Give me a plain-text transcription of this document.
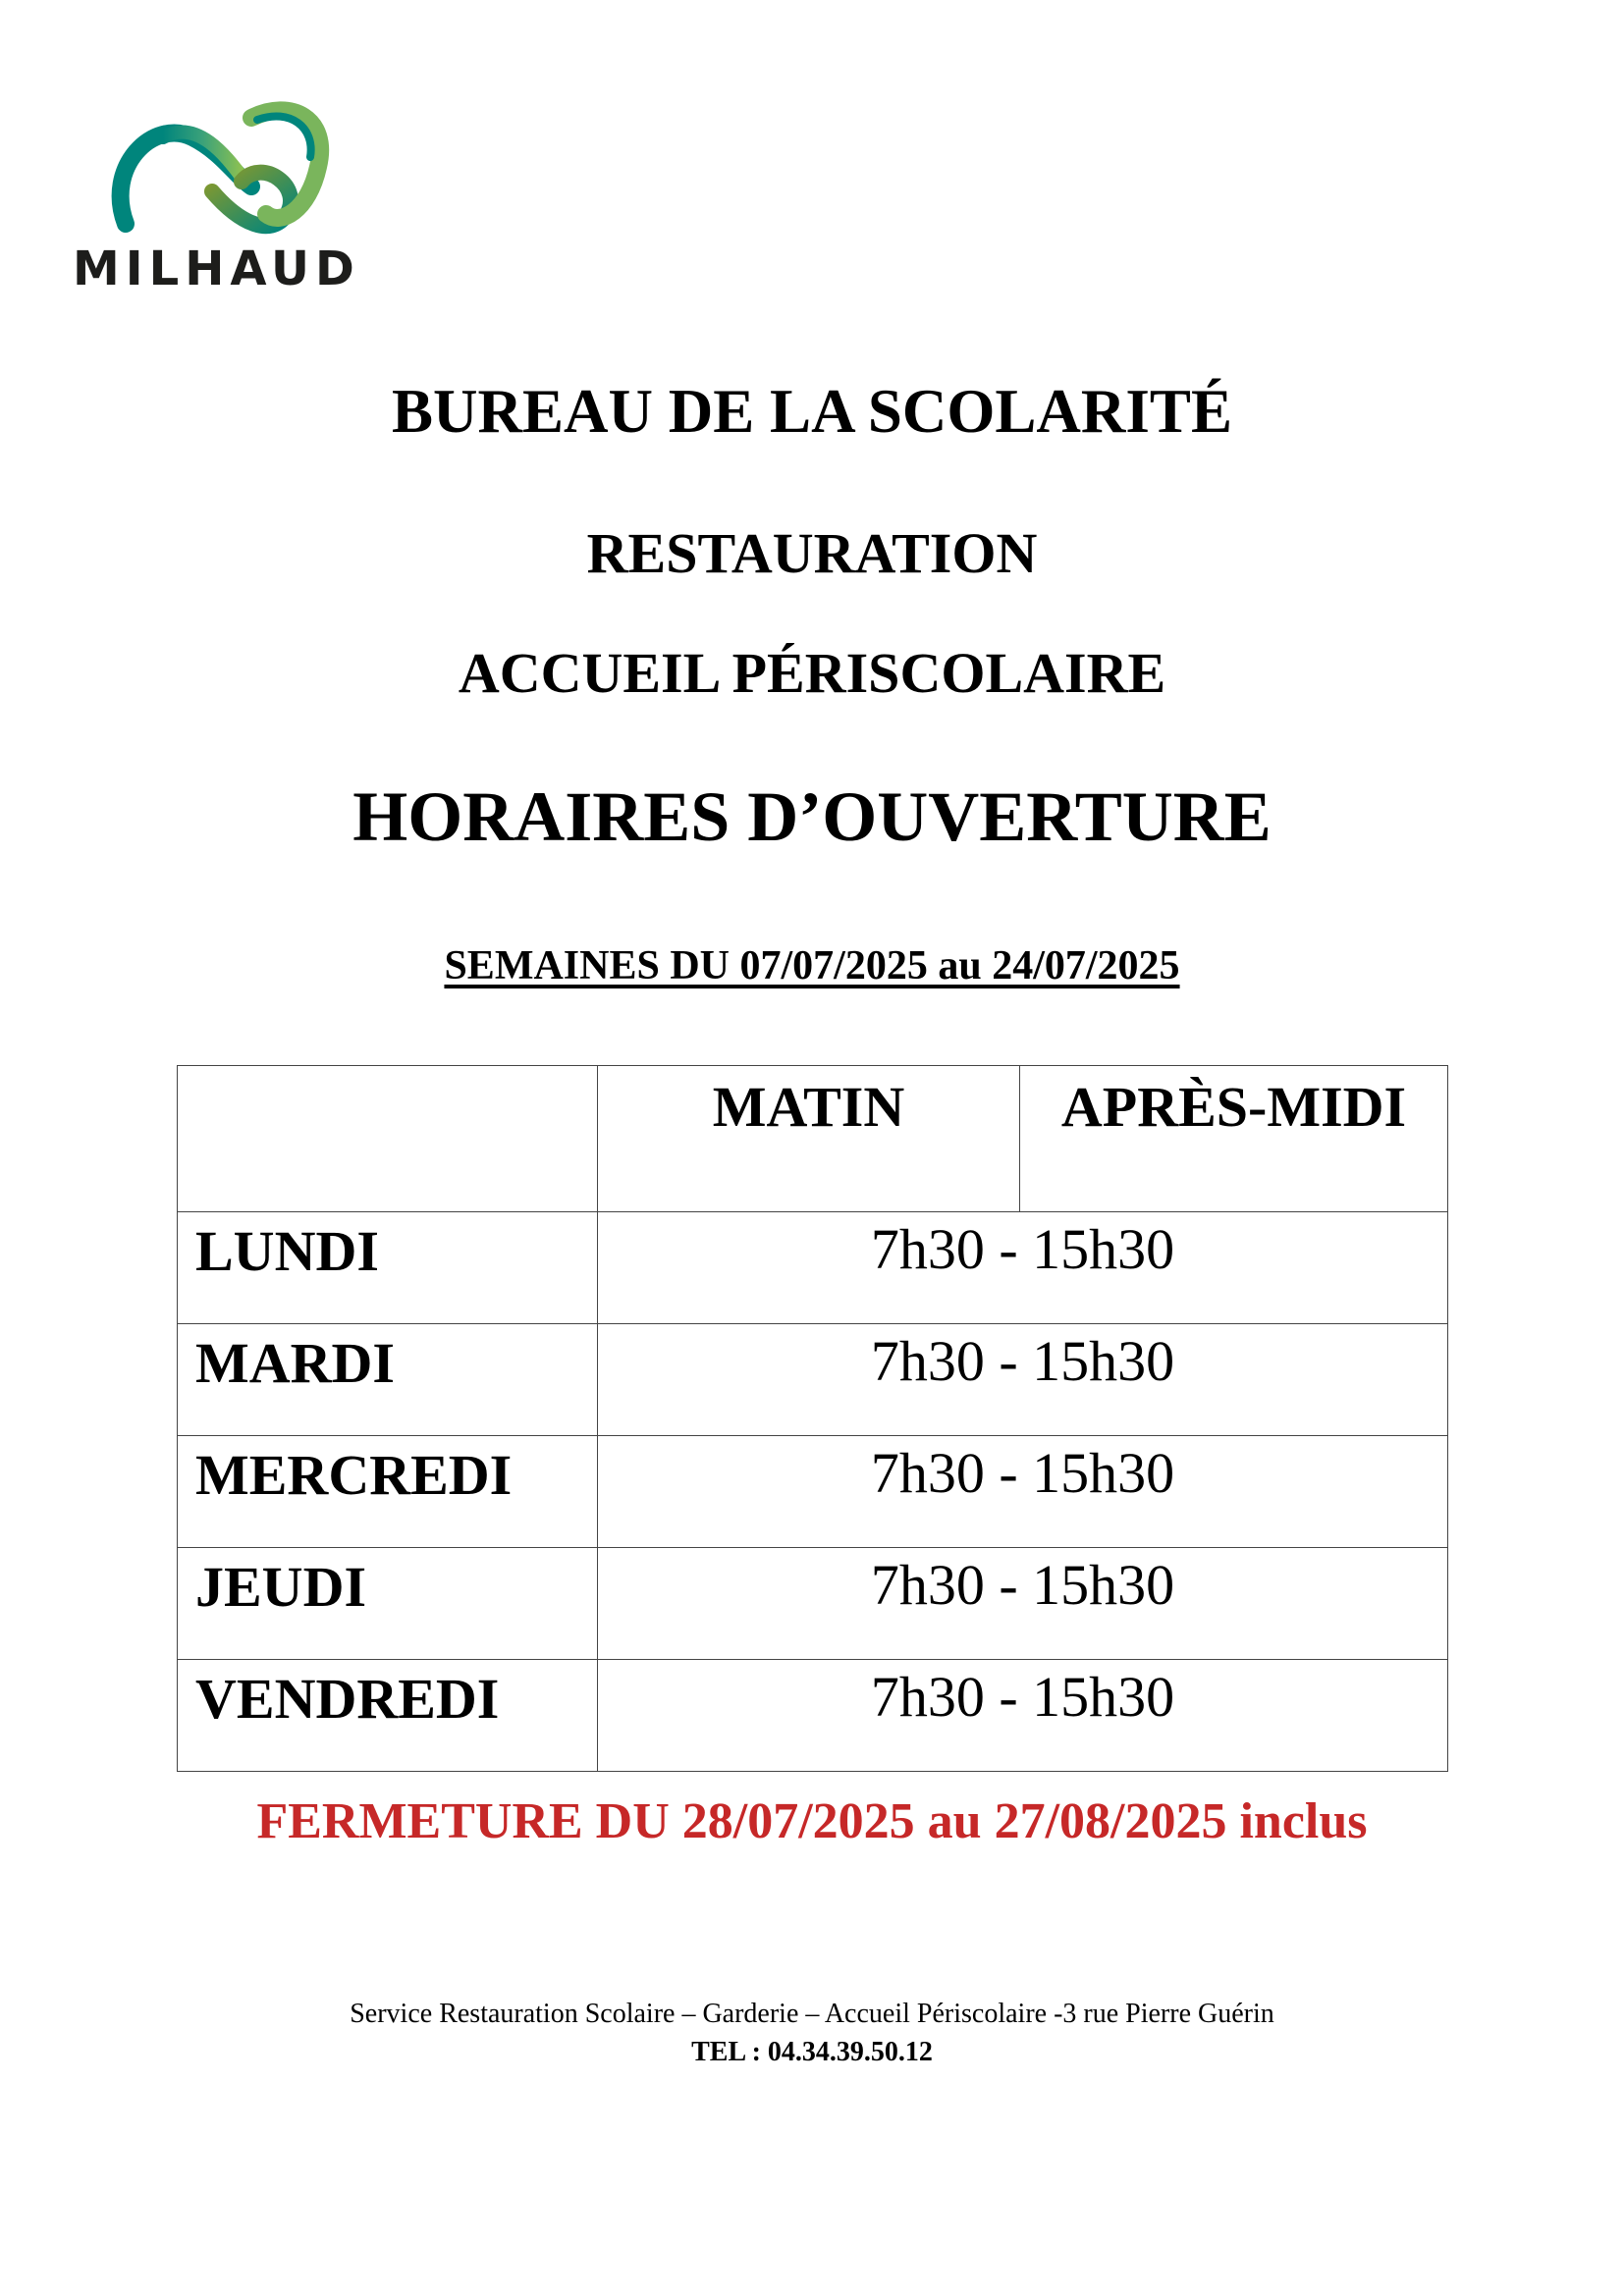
MILHAUD
BUREAU DE LA SCOLARITÉ
RESTAURATION
ACCUEIL PÉRISCOLAIRE
HORAIRES D’OUVERTURE
SEMAINES DU 07/07/2025 au 24/07/2025
	MATIN	APRÈS-MIDI
LUNDI	7h30 - 15h30	
MARDI	7h30 - 15h30	
MERCREDI	7h30 - 15h30	
JEUDI	7h30 - 15h30	
VENDREDI	7h30 - 15h30	
FERMETURE DU 28/07/2025 au 27/08/2025 inclus
Service Restauration Scolaire – Garderie – Accueil Périscolaire -3 rue Pierre Guérin
TEL : 04.34.39.50.12
